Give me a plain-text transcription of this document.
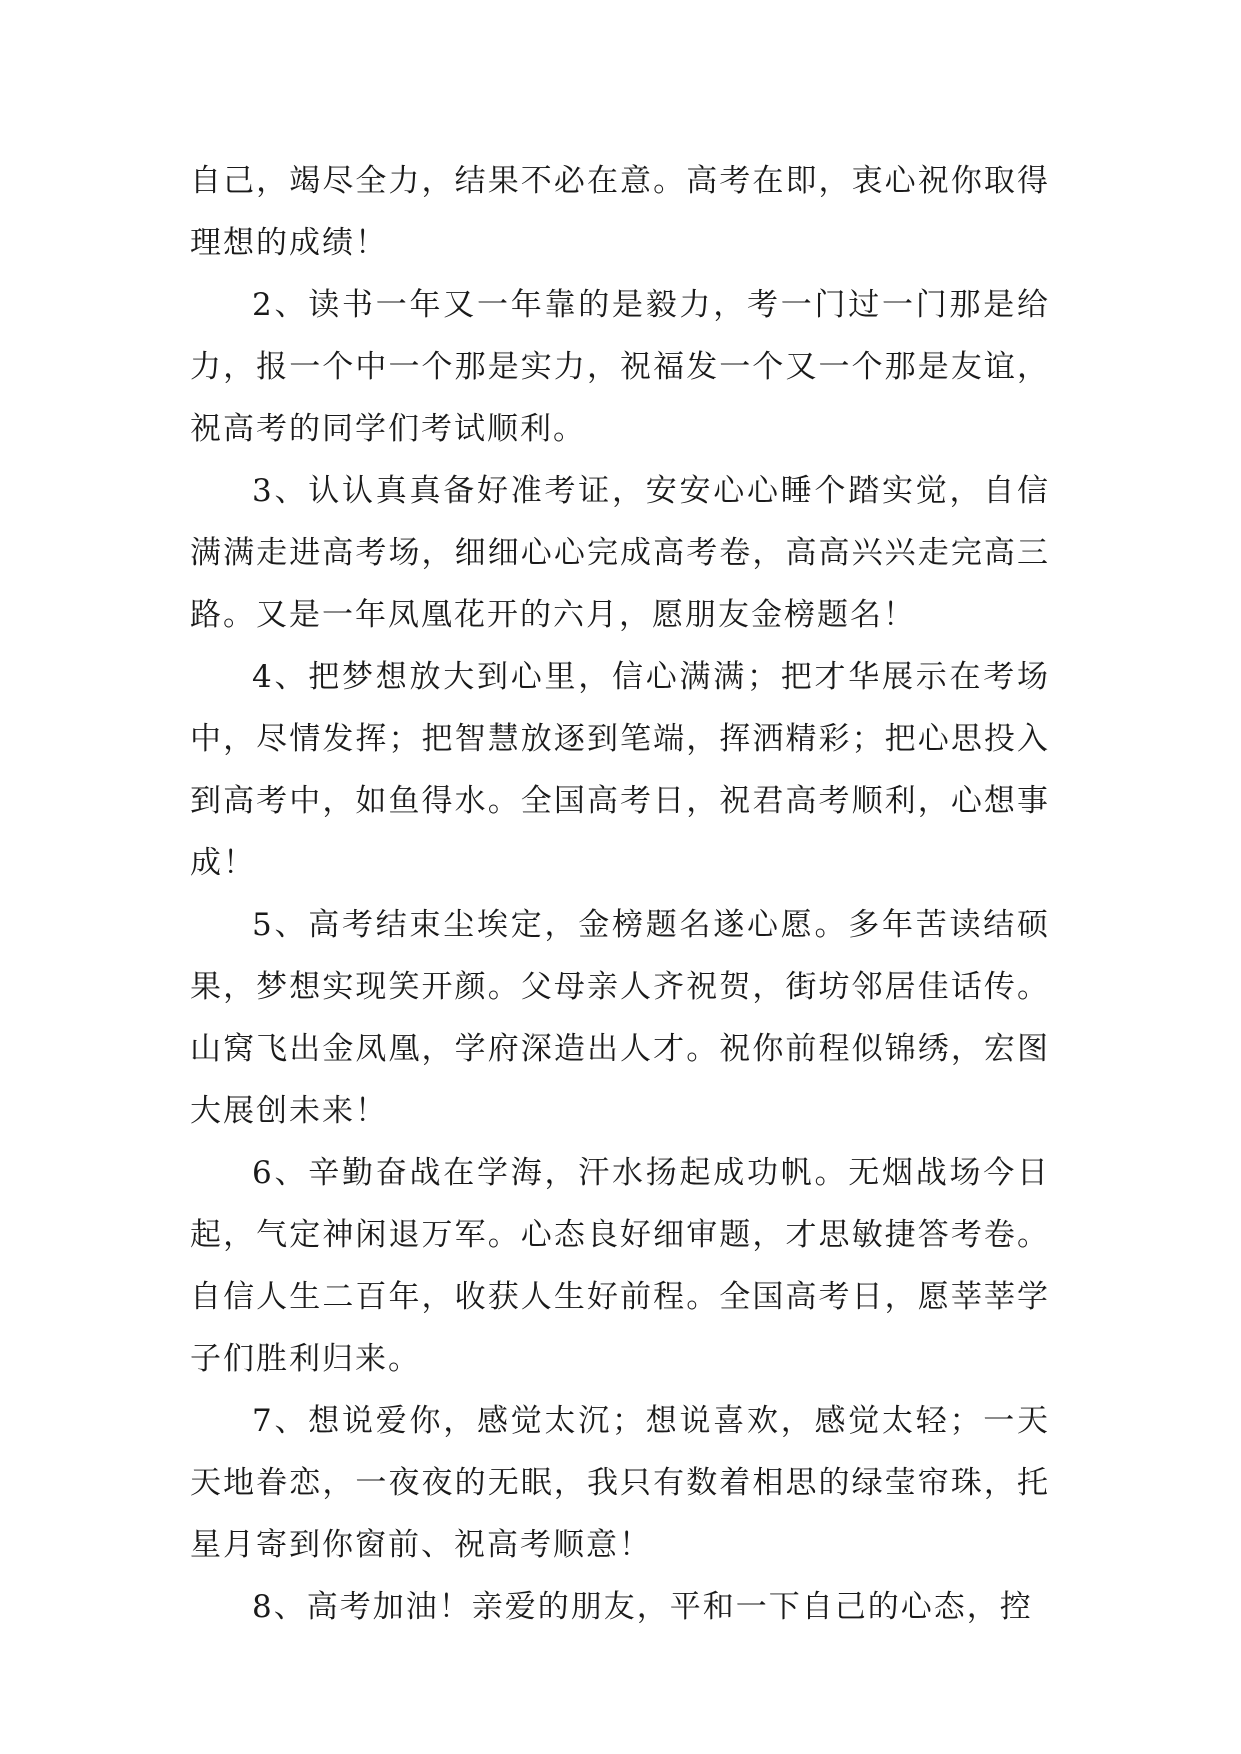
自己，竭尽全力，结果不必在意。高考在即，衷心祝你取得理想的成绩！

2、读书一年又一年靠的是毅力，考一门过一门那是给力，报一个中一个那是实力，祝福发一个又一个那是友谊，祝高考的同学们考试顺利。

3、认认真真备好准考证，安安心心睡个踏实觉，自信满满走进高考场，细细心心完成高考卷，高高兴兴走完高三路。又是一年凤凰花开的六月，愿朋友金榜题名！

4、把梦想放大到心里，信心满满；把才华展示在考场中，尽情发挥；把智慧放逐到笔端，挥洒精彩；把心思投入到高考中，如鱼得水。全国高考日，祝君高考顺利，心想事成！

5、高考结束尘埃定，金榜题名遂心愿。多年苦读结硕果，梦想实现笑开颜。父母亲人齐祝贺，街坊邻居佳话传。山窝飞出金凤凰，学府深造出人才。祝你前程似锦绣，宏图大展创未来！

6、辛勤奋战在学海，汗水扬起成功帆。无烟战场今日起，气定神闲退万军。心态良好细审题，才思敏捷答考卷。自信人生二百年，收获人生好前程。全国高考日，愿莘莘学子们胜利归来。

7、想说爱你，感觉太沉；想说喜欢，感觉太轻；一天天地眷恋，一夜夜的无眠，我只有数着相思的绿莹帘珠，托星月寄到你窗前、祝高考顺意！

8、高考加油！亲爱的朋友，平和一下自己的心态，控
